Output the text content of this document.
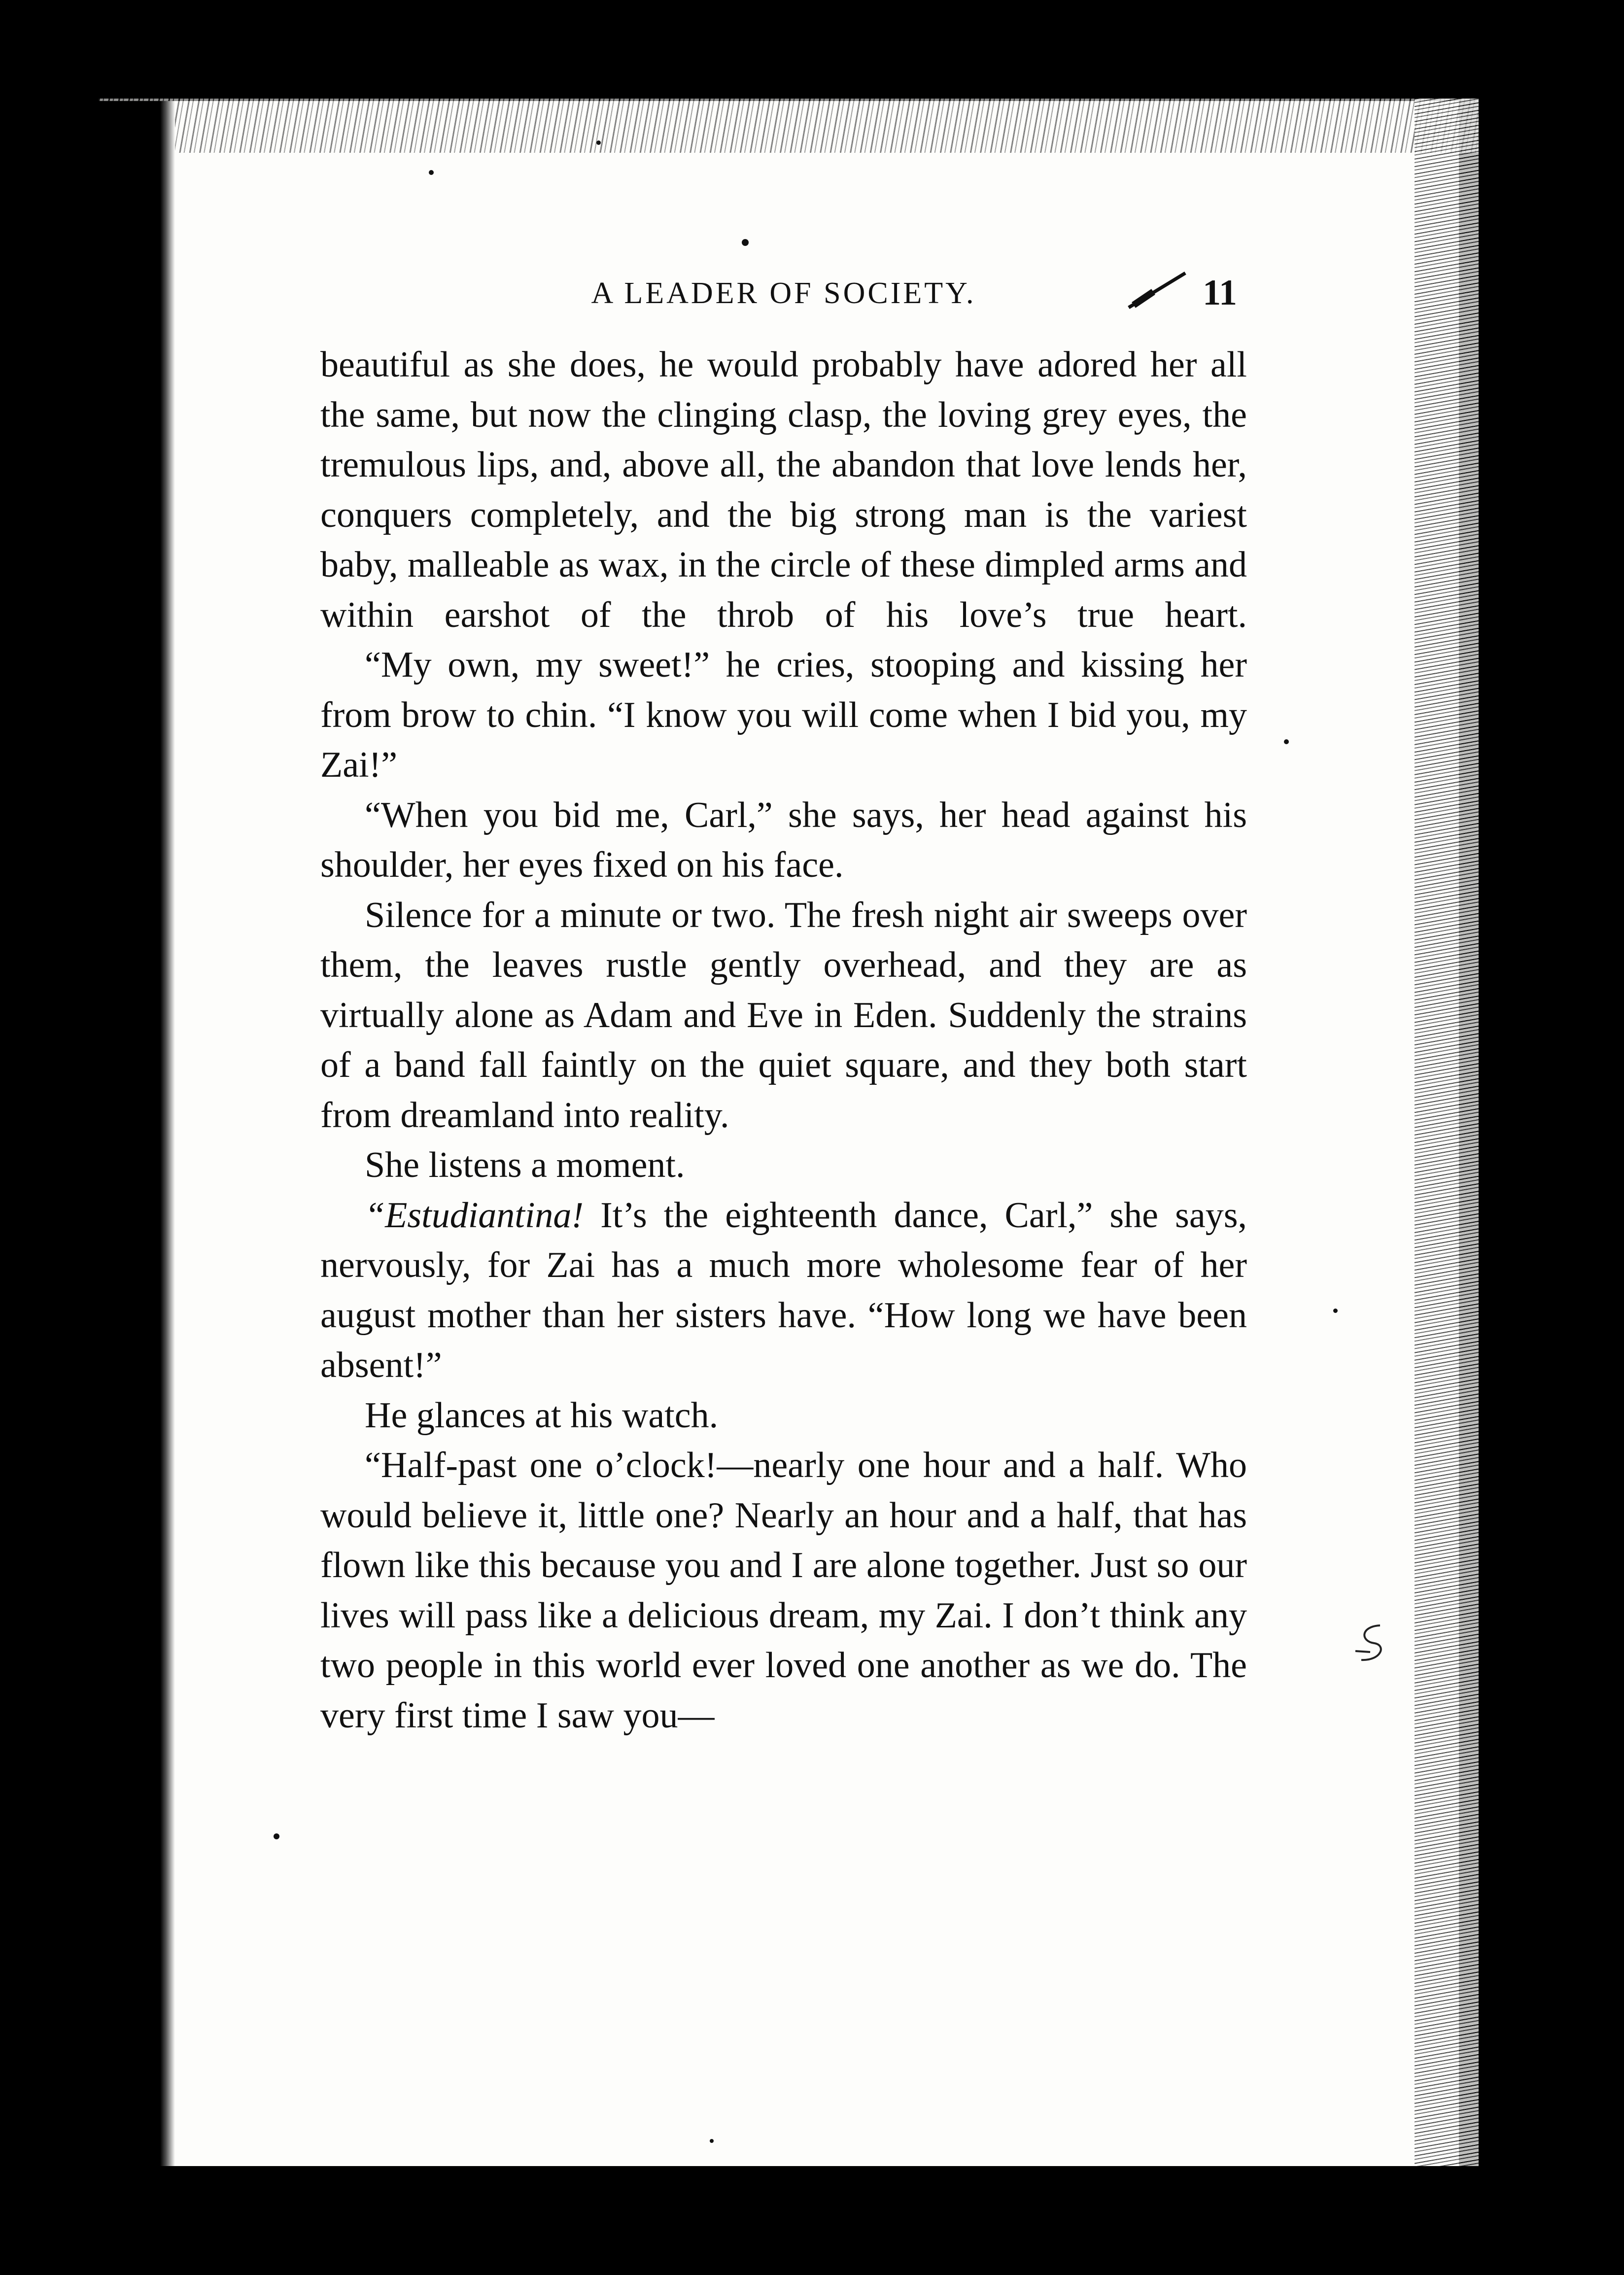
A LEADER OF SOCIETY.	11

beautiful as she does, he would probably have adored her all the same, but now the clinging clasp, the loving grey eyes, the tremulous lips, and, above all, the abandon that love lends her, conquers completely, and the big strong man is the variest baby, malleable as wax, in the circle of these dimpled arms and within earshot of the throb of his love’s true heart.

“My own, my sweet!” he cries, stooping and kissing her from brow to chin. “I know you will come when I bid you, my Zai!”

“When you bid me, Carl,” she says, her head against his shoulder, her eyes fixed on his face.

Silence for a minute or two. The fresh night air sweeps over them, the leaves rustle gently overhead, and they are as virtually alone as Adam and Eve in Eden. Suddenly the strains of a band fall faintly on the quiet square, and they both start from dreamland into reality.

She listens a moment.

“Estudiantina! It’s the eighteenth dance, Carl,” she says, nervously, for Zai has a much more wholesome fear of her august mother than her sisters have. “How long we have been absent!”

He glances at his watch.

“Half-past one o’clock!—nearly one hour and a half. Who would believe it, little one? Nearly an hour and a half, that has flown like this because you and I are alone together. Just so our lives will pass like a delicious dream, my Zai. I don’t think any two people in this world ever loved one another as we do. The very first time I saw you—
